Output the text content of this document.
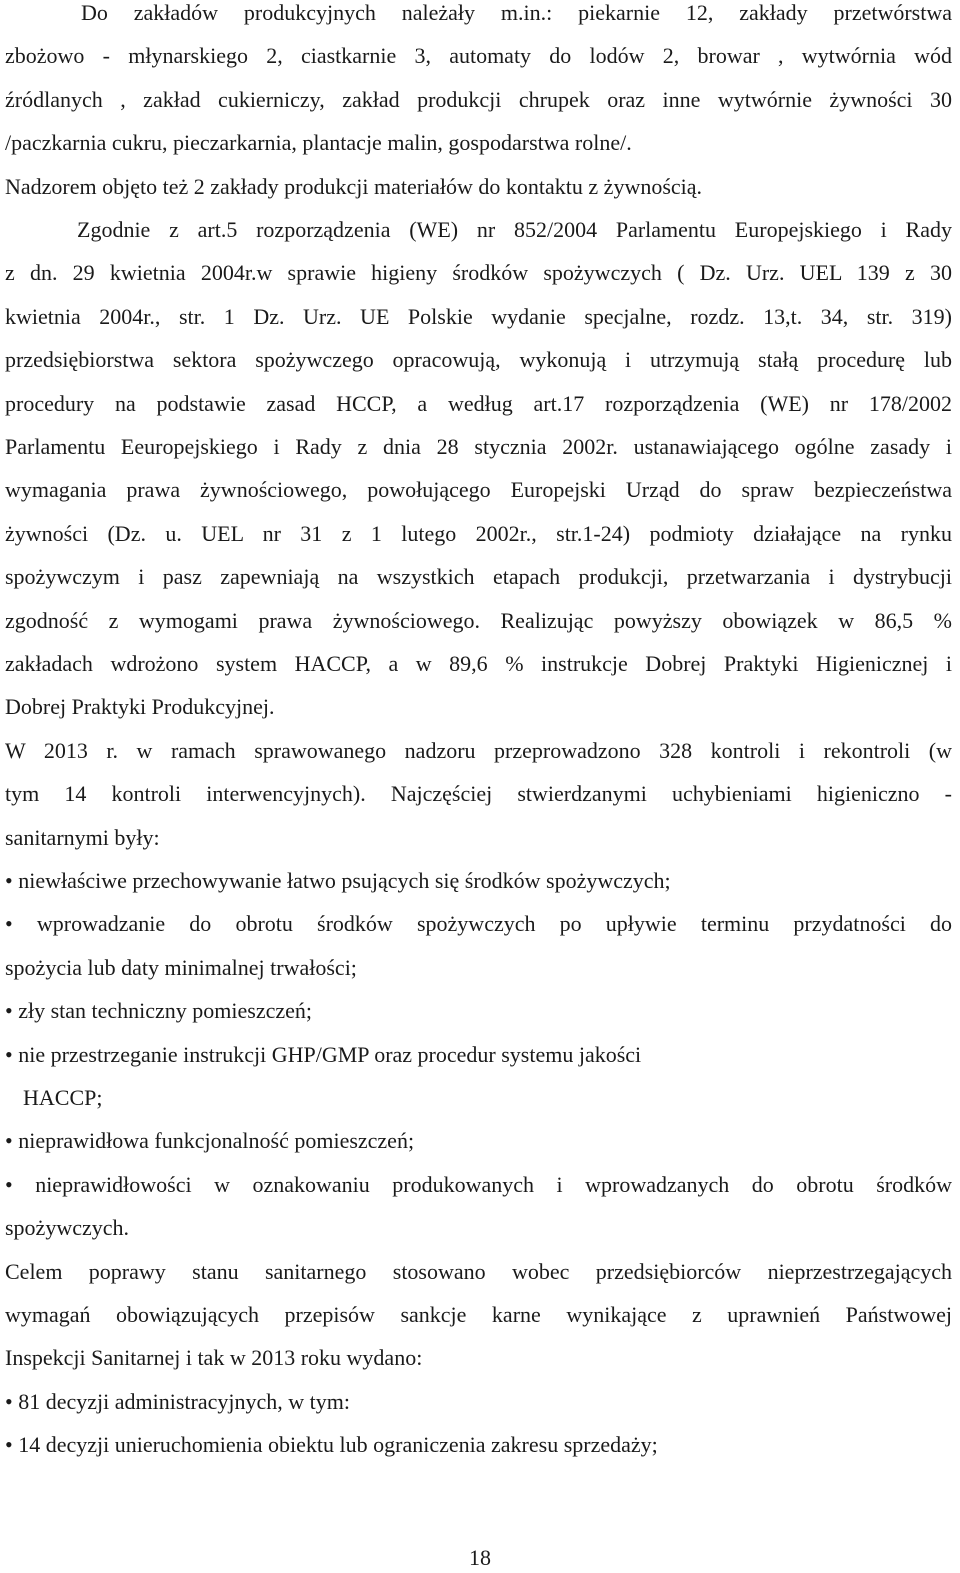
Do zakładów produkcyjnych należały m.in.: piekarnie 12, zakłady przetwórstwa
zbożowo - młynarskiego 2, ciastkarnie 3, automaty do lodów 2, browar , wytwórnia wód
źródlanych , zakład cukierniczy, zakład produkcji chrupek oraz inne wytwórnie żywności 30
/paczkarnia cukru, pieczarkarnia, plantacje malin, gospodarstwa rolne/.
Nadzorem objęto też 2 zakłady produkcji materiałów do kontaktu z żywnością.
Zgodnie z art.5 rozporządzenia (WE) nr 852/2004 Parlamentu Europejskiego i Rady
z dn. 29 kwietnia 2004r.w sprawie higieny środków spożywczych ( Dz. Urz. UEL 139 z 30
kwietnia 2004r., str. 1 Dz. Urz. UE Polskie wydanie specjalne, rozdz. 13,t. 34, str. 319)
przedsiębiorstwa sektora spożywczego opracowują, wykonują i utrzymują stałą procedurę lub
procedury na podstawie zasad HCCP, a według art.17 rozporządzenia (WE) nr 178/2002
Parlamentu Eeuropejskiego i Rady z dnia 28 stycznia 2002r. ustanawiającego ogólne zasady i
wymagania prawa żywnościowego, powołującego Europejski Urząd do spraw bezpieczeństwa
żywności (Dz. u. UEL nr 31 z 1 lutego 2002r., str.1-24) podmioty działające na rynku
spożywczym i pasz zapewniają na wszystkich etapach produkcji, przetwarzania i dystrybucji
zgodność z wymogami prawa żywnościowego. Realizując powyższy obowiązek w 86,5 %
zakładach wdrożono system HACCP, a w 89,6 % instrukcje Dobrej Praktyki Higienicznej i
Dobrej Praktyki Produkcyjnej.
W 2013 r. w ramach sprawowanego nadzoru przeprowadzono 328 kontroli i rekontroli (w
tym 14 kontroli interwencyjnych). Najczęściej stwierdzanymi uchybieniami higieniczno -
sanitarnymi były:
• niewłaściwe przechowywanie łatwo psujących się środków spożywczych;
• wprowadzanie do obrotu środków spożywczych po upływie terminu przydatności do
spożycia lub daty minimalnej trwałości;
• zły stan techniczny pomieszczeń;
• nie przestrzeganie instrukcji GHP/GMP oraz procedur systemu jakości
HACCP;
• nieprawidłowa funkcjonalność pomieszczeń;
• nieprawidłowości w oznakowaniu produkowanych i wprowadzanych do obrotu środków
spożywczych.
Celem poprawy stanu sanitarnego stosowano wobec przedsiębiorców nieprzestrzegających
wymagań obowiązujących przepisów sankcje karne wynikające z uprawnień Państwowej
Inspekcji Sanitarnej i tak w 2013 roku wydano:
• 81 decyzji administracyjnych, w tym:
• 14 decyzji unieruchomienia obiektu lub ograniczenia zakresu sprzedaży;
18
